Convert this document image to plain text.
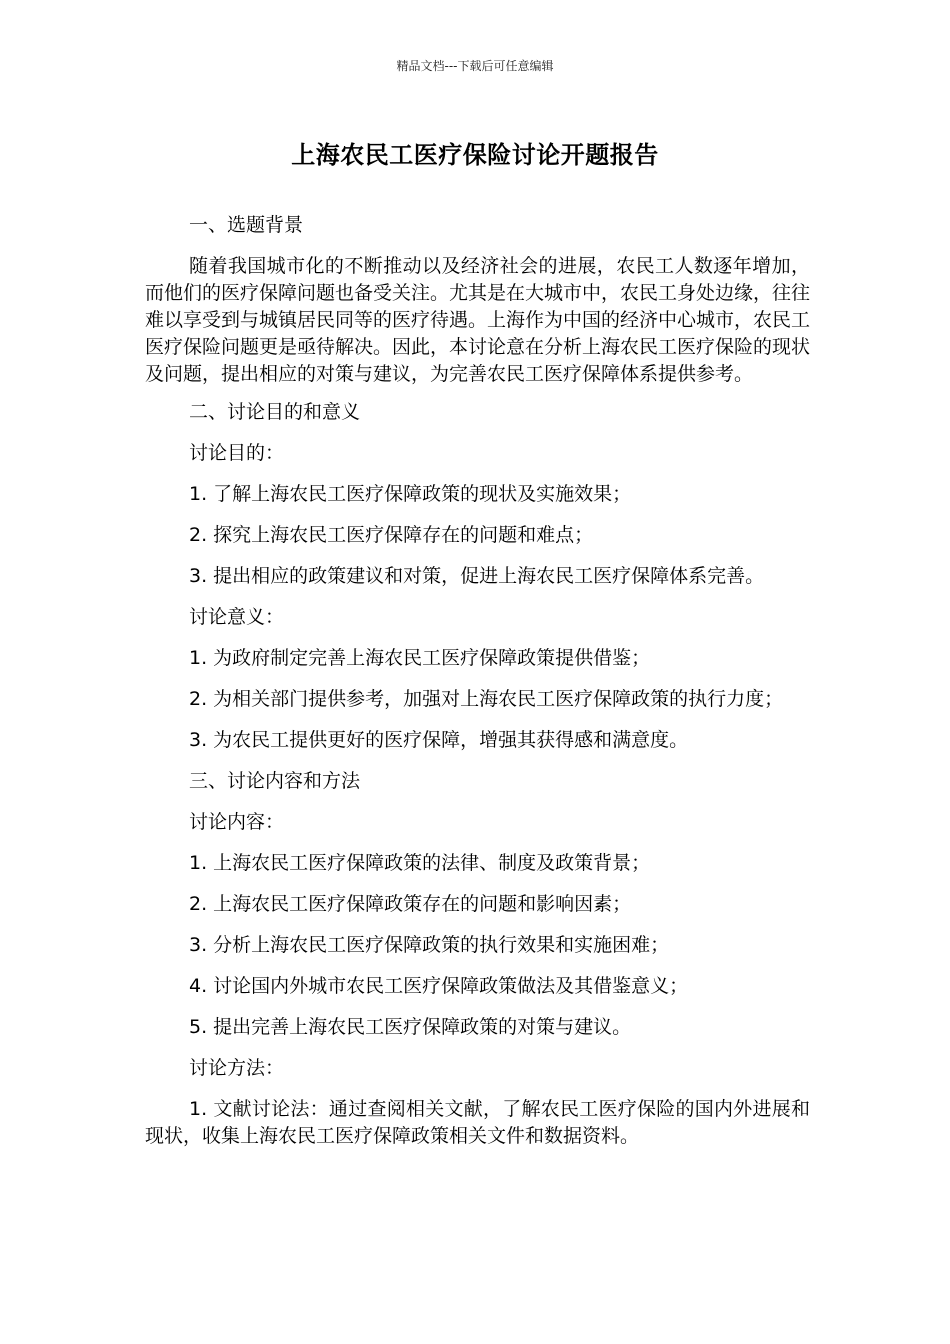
精品文档---下载后可任意编辑
上海农民工医疗保险讨论开题报告

一、选题背景

随着我国城市化的不断推动以及经济社会的进展，农民工人数逐年增加，而他们的医疗保障问题也备受关注。尤其是在大城市中，农民工身处边缘，往往难以享受到与城镇居民同等的医疗待遇。上海作为中国的经济中心城市，农民工医疗保险问题更是亟待解决。因此，本讨论意在分析上海农民工医疗保险的现状及问题，提出相应的对策与建议，为完善农民工医疗保障体系提供参考。

二、讨论目的和意义

讨论目的：

1. 了解上海农民工医疗保障政策的现状及实施效果；

2. 探究上海农民工医疗保障存在的问题和难点；

3. 提出相应的政策建议和对策，促进上海农民工医疗保障体系完善。

讨论意义：

1. 为政府制定完善上海农民工医疗保障政策提供借鉴；

2. 为相关部门提供参考，加强对上海农民工医疗保障政策的执行力度；

3. 为农民工提供更好的医疗保障，增强其获得感和满意度。

三、讨论内容和方法

讨论内容：

1. 上海农民工医疗保障政策的法律、制度及政策背景；

2. 上海农民工医疗保障政策存在的问题和影响因素；

3. 分析上海农民工医疗保障政策的执行效果和实施困难；

4. 讨论国内外城市农民工医疗保障政策做法及其借鉴意义；

5. 提出完善上海农民工医疗保障政策的对策与建议。

讨论方法：

1. 文献讨论法：通过查阅相关文献，了解农民工医疗保险的国内外进展和现状，收集上海农民工医疗保障政策相关文件和数据资料。
